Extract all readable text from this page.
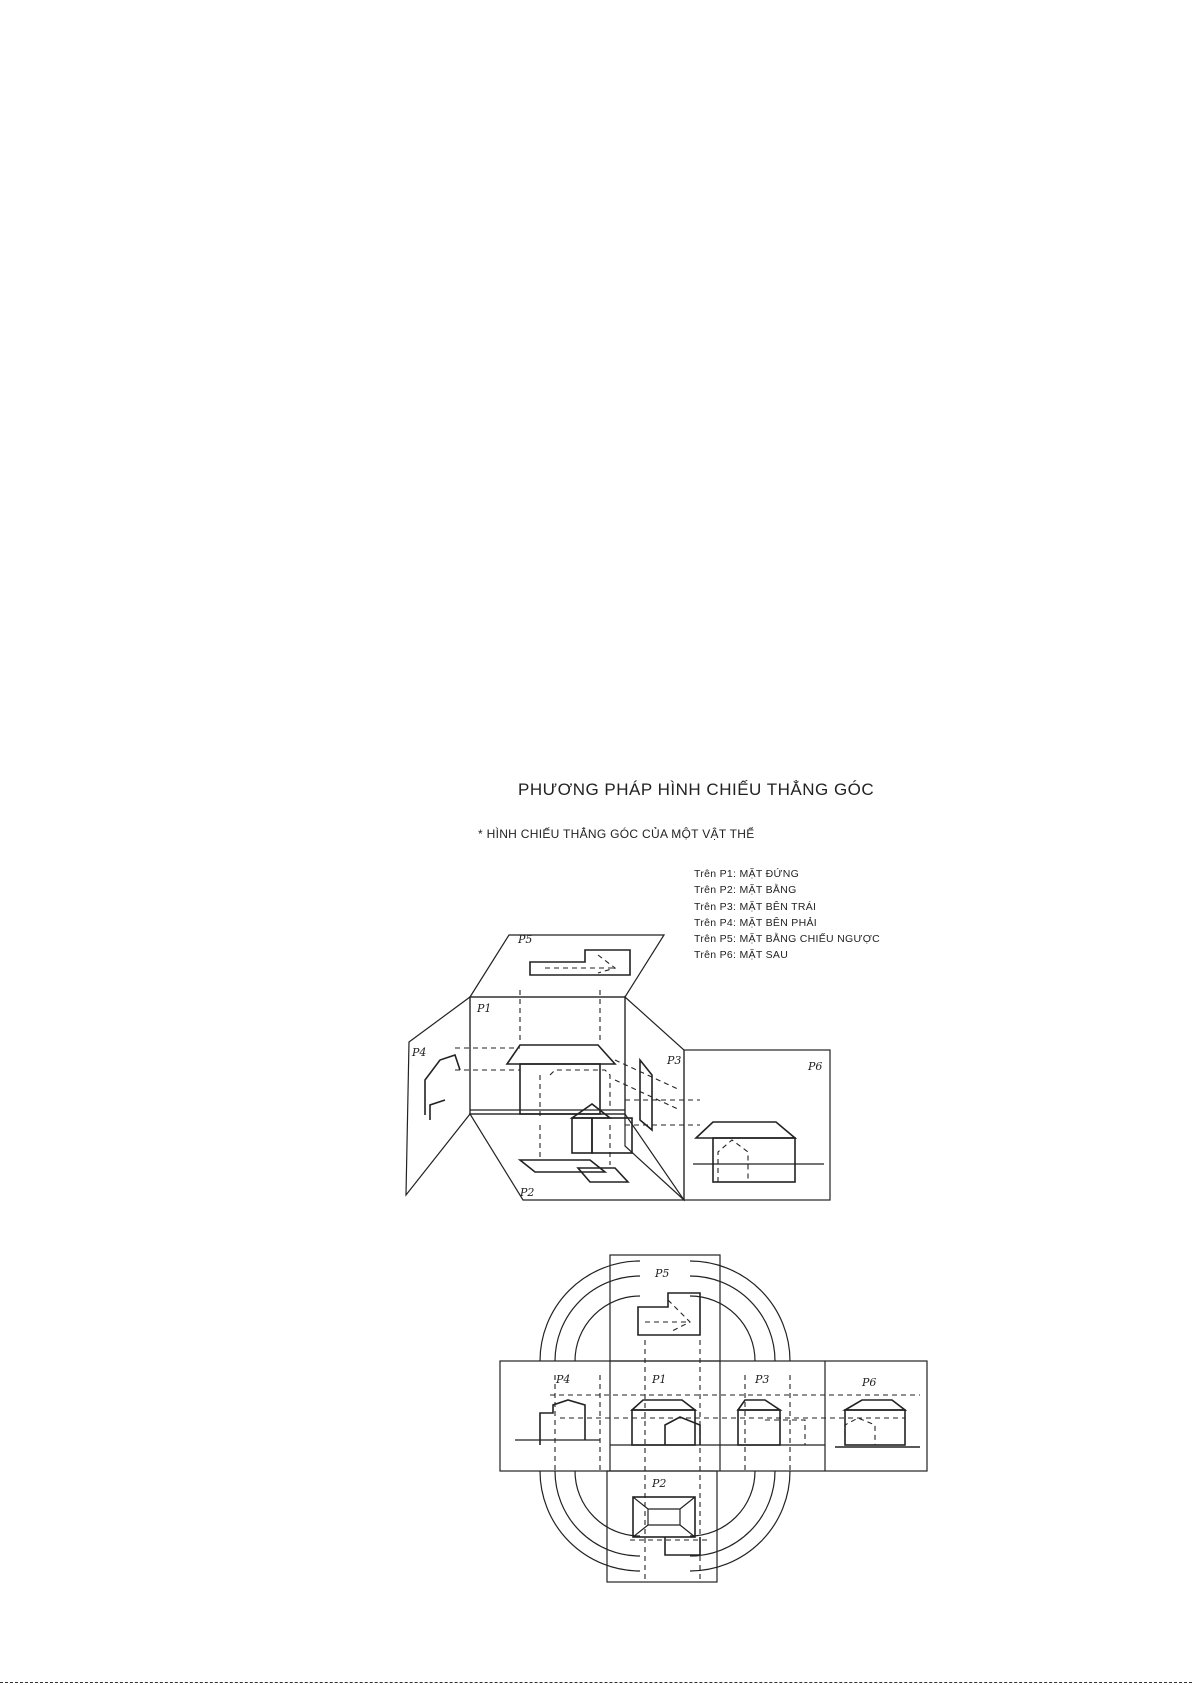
PHƯƠNG PHÁP HÌNH CHIẾU THẲNG GÓC
* HÌNH CHIẾU THẲNG GÓC CỦA MỘT VẬT THỂ
Trên P1: MẶT ĐỨNG
Trên P2: MẶT BẰNG
Trên P3: MẶT BÊN TRÁI
Trên P4: MẶT BÊN PHẢI
Trên P5: MẶT BẰNG CHIẾU NGƯỢC
Trên P6: MẶT SAU
P5
P1
P4
P3
P2
P6
P5
P4	P1	P3	P6
P2
